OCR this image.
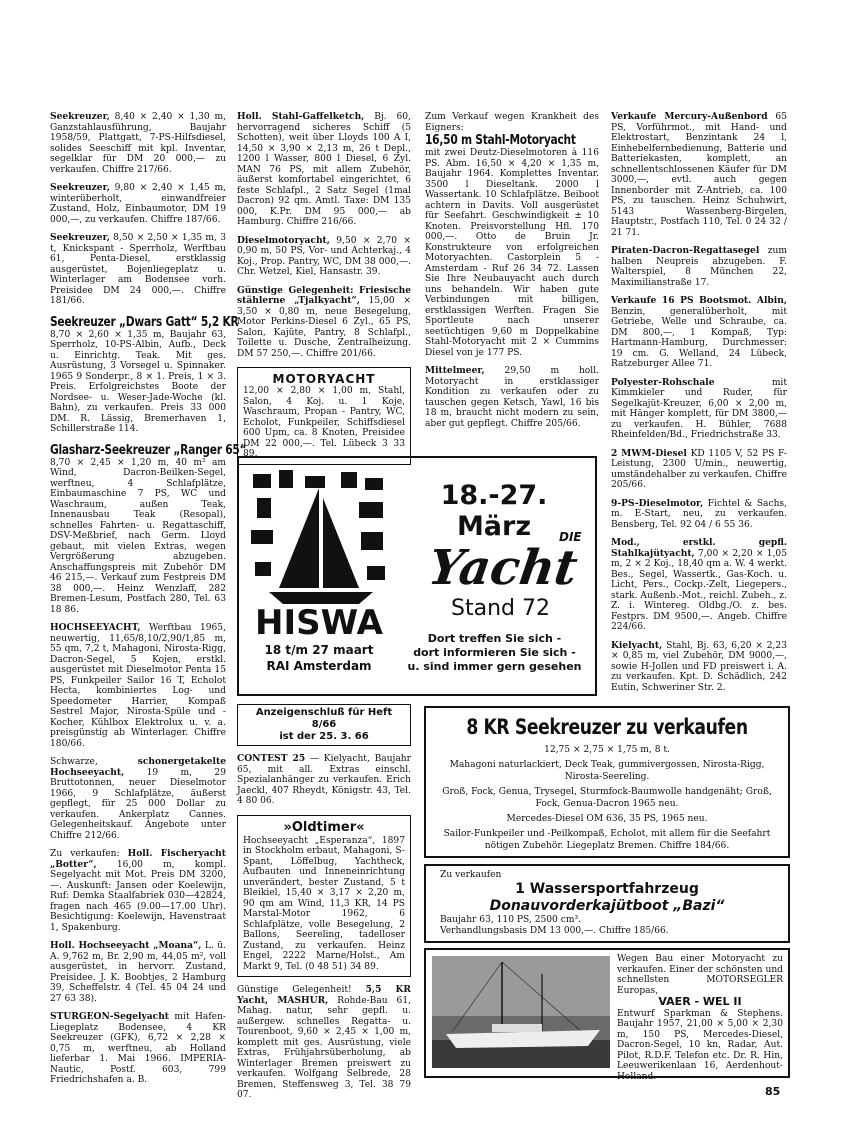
Seekreuzer, 8,40 × 2,40 × 1,30 m, Ganzstahlausführung, Baujahr 1958/59, Plattgatt, 7-PS-Hilfsdiesel, solides Seeschiff mit kpl. Inventar, segelklar für DM 20 000,— zu verkaufen. Chiffre 217/66.

Seekreuzer, 9,80 × 2,40 × 1,45 m, winterüberholt, einwandfreier Zustand, Holz, Einbaumotor, DM 19 000,—, zu verkaufen. Chiffre 187/66.

Seekreuzer, 8,50 × 2,50 × 1,35 m, 3 t, Knickspant - Sperrholz, Werftbau 61, Penta-Diesel, erstklassig ausgerüstet, Bojenliegeplatz u. Winterlager am Bodensee vorh. Preisidee DM 24 000,—. Chiffre 181/66.

Seekreuzer „Dwars Gatt“ 5,2 KR
8,70 × 2,60 × 1,35 m, Baujahr 63, Sperrholz, 10-PS-Albin, Aufb., Deck u. Einrichtg. Teak. Mit ges. Ausrüstung, 3 Vorsegel u. Spinnaker. 1965 9 Sonderpr., 8 × 1. Preis, 1 × 3. Preis. Erfolgreichstes Boote der Nordsee- u. Weser-Jade-Woche (kl. Bahn), zu verkaufen. Preis 33 000 DM. R. Lässig, Bremerhaven 1, Schillerstraße 114.

Glasharz-Seekreuzer „Ranger 65“
8,70 × 2,45 × 1,20 m, 40 m² am Wind, Dacron-Beilken-Segel, werftneu, 4 Schlafplätze, Einbaumaschine 7 PS, WC und Waschraum, außen Teak, Innenausbau Teak (Resopal), schnelles Fahrten- u. Regattaschiff, DSV-Meßbrief, nach Germ. Lloyd gebaut, mit vielen Extras, wegen Vergrößerung abzugeben. Anschaffungspreis mit Zubehör DM 46 215,—. Verkauf zum Festpreis DM 38 000,—. Heinz Wenzlaff, 282 Bremen-Lesum, Postfach 280, Tel. 63 18 86.

HOCHSEEYACHT, Werftbau 1965, neuwertig, 11,65/8,10/2,90/1,85 m, 55 qm, 7,2 t, Mahagoni, Nirosta-Rigg, Dacron-Segel, 5 Kojen, erstkl. ausgerüstet mit Dieselmotor Penta 15 PS, Funkpeiler Sailor 16 T, Echolot Hecta, kombiniertes Log- und Speedometer Harrier, Kompaß Sestrel Major, Nirosta-Spüle und -Kocher, Kühlbox Elektrolux u. v. a. preisgünstig ab Winterlager. Chiffre 180/66.

Schwarze,	schonergetakelte Hochseeyacht, 19 m, 29 Bruttotonnen, neuer Dieselmotor 1966, 9 Schlafplätze, äußerst gepflegt, für 25 000 Dollar zu verkaufen. Ankerplatz Cannes. Gelegenheitskauf. Angebote unter Chiffre 212/66.

Zu verkaufen: Holl. Fischeryacht „Botter“, 16,00 m, kompl. Segelyacht mit Mot. Preis DM 3200,—. Auskunft: Jansen oder Koelewijn, Ruf: Demka Staalfabriek 030—42824, fragen nach 465 (9.00—17.00 Uhr). Besichtigung: Koelewijn, Havenstraat 1, Spakenburg.

Holl. Hochseeyacht „Moana“, L. ü. A. 9,762 m, Br. 2,90 m, 44,05 m², voll ausgerüstet, in hervorr. Zustand, Preisidee. J. K. Boobtjes, 2 Hamburg 39, Scheffelstr. 4 (Tel. 45 04 24 und 27 63 38).

STURGEON-Segelyacht mit Hafen-Liegeplatz Bodensee, 4 KR Seekreuzer (GFK), 6,72 × 2,28 × 0,75 m, werftneu, ab Holland lieferbar 1. Mai 1966. IMPERIA-Nautic, Postf. 603, 799 Friedrichshafen a. B.

Holl. Stahl-Gaffelketch, Bj. 60, hervorragend sicheres Schiff (5 Schotten), weit über Lloyds 100 A I, 14,50 × 3,90 × 2,13 m, 26 t Depl., 1200 l Wasser, 800 l Diesel, 6 Zyl. MAN 76 PS, mit allem Zubehör, äußerst komfortabel eingerichtet, 6 feste Schlafpl., 2 Satz Segel (1mal Dacron) 92 qm. Amtl. Taxe: DM 135 000, K.Pr. DM 95 000,— ab Hamburg. Chiffre 216/66.

Dieselmotoryacht, 9,50 × 2,70 × 0,90 m, 50 PS, Vor- und Achterkaj., 4 Koj., Prop. Pantry, WC, DM 38 000,—. Chr. Wetzel, Kiel, Hansastr. 39.

Günstige Gelegenheit: Friesische stählerne „Tjalkyacht“, 15,00 × 3,50 × 0,80 m, neue Besegelung, Motor Perkins-Diesel 6 Zyl., 65 PS, Salon, Kajüte, Pantry, 8 Schlafpl., Toilette u. Dusche, Zentralheizung. DM 57 250,—. Chiffre 201/66.

MOTORYACHT

12,00 × 2,80 × 1,00 m, Stahl, Salon, 4 Koj. u. 1 Koje, Waschraum, Propan - Pantry, WC, Echolot, Funkpeiler, Schiffsdiesel 600 Upm, ca. 8 Knoten, Preisidee DM 22 000,—. Tel. Lübeck 3 33 89.

Anzeigenschluß für Heft 8/66
ist der 25. 3. 66

CONTEST 25 — Kielyacht, Baujahr 65, mit all. Extras einschl. Spezialanhänger zu verkaufen. Erich Jaeckl, 407 Rheydt, Königstr. 43, Tel. 4 80 06.

»Oldtimer«

Hochseeyacht „Esperanza“, 1897 in Stockholm erbaut, Mahagoni, S-Spant, Löffelbug, Yachtheck, Aufbauten und Inneneinrichtung unverändert, bester Zustand, 5 t Bleikiel, 15,40 × 3,17 × 2,20 m, 90 qm am Wind, 11,3 KR, 14 PS Marstal-Motor 1962, 6 Schlafplätze, volle Besegelung, 2 Ballons, Seereling, tadelloser Zustand, zu verkaufen. Heinz Engel, 2222 Marne/Holst., Am Markt 9, Tel. (0 48 51) 34 89.

Günstige Gelegenheit! 5,5 KR Yacht, MASHUR, Rohde-Bau 61, Mahag. natur, sehr gepfl. u. außergew. schnelles Regatta- u. Tourenboot, 9,60 × 2,45 × 1,00 m, komplett mit ges. Ausrüstung, viele Extras, Frühjahrsüberholung, ab Winterlager Bremen preiswert zu verkaufen. Wolfgang Selbrede, 28 Bremen, Steffensweg 3, Tel. 38 79 07.

Zum Verkauf wegen Krankheit des Eigners:
16,50 m Stahl-Motoryacht
mit zwei Deutz-Dieselmotoren à 116 PS. Abm. 16,50 × 4,20 × 1,35 m, Baujahr 1964. Komplettes Inventar. 3500 l Dieseltank. 2000 l Wassertank. 10 Schlafplätze. Beiboot achtern in Davits. Voll ausgerüstet für Seefahrt. Geschwindigkeit ± 10 Knoten. Preisvorstellung Hfl. 170 000,—. Otto de Bruin Jr. Konstrukteure von erfolgreichen Motoryachten. Castorplein 5 - Amsterdam - Ruf 26 34 72. Lassen Sie Ihre Neubauyacht auch durch uns behandeln. Wir haben gute Verbindungen mit billigen, erstklassigen Werften. Fragen Sie Sportleute nach unserer seetüchtigen 9,60 m Doppelkabine Stahl-Motoryacht mit 2 × Cummins Diesel von je 177 PS.

Mittelmeer, 29,50 m holl. Motoryacht in erstklassiger Kondition zu verkaufen oder zu tauschen gegen Ketsch, Yawl, 16 bis 18 m, braucht nicht modern zu sein, aber gut gepflegt. Chiffre 205/66.

Verkaufe Mercury-Außenbord 65 PS, Vorführmot., mit Hand- und Elektrostart, Benzintank 24 l, Einhebelfernbedienung, Batterie und Batteriekasten, komplett, an schnellentschlossenen Käufer für DM 3000,—, evtl. auch gegen Innenborder mit Z-Antrieb, ca. 100 PS, zu tauschen. Heinz Schuhwirt, 5143 Wassenberg-Birgelen, Hauptstr., Postfach 110, Tel. 0 24 32 / 21 71.

Piraten-Dacron-Regattasegel zum halben Neupreis abzugeben. F. Walterspiel, 8 München 22, Maximilianstraße 17.

Verkaufe 16 PS Bootsmot. Albin, Benzin, generalüberholt, mit Getriebe, Welle und Schraube, ca. DM 800,—, 1 Kompaß, Typ: Hartmann-Hamburg, Durchmesser: 19 cm. G. Welland, 24 Lübeck, Ratzeburger Allee 71.

Polyester-Rohschale	mit Kimmkieler und Ruder, für Segelkajüt-Kreuzer, 6,00 × 2,00 m, mit Hänger komplett, für DM 3800,— zu verkaufen. H. Bühler, 7688 Rheinfelden/Bd., Friedrichstraße 33.

2 MWM-Diesel KD 1105 V, 52 PS F-Leistung, 2300 U/min., neuwertig, umständehalber zu verkaufen. Chiffre 205/66.

9-PS-Dieselmotor, Fichtel & Sachs, m. E-Start, neu, zu verkaufen. Bensberg, Tel. 92 04 / 6 55 36.

Mod., erstkl. gepfl. Stahlkajütyacht, 7,00 × 2,20 × 1,05 m, 2 × 2 Koj., 18,40 qm a. W. 4 werkt. Bes., Segel, Wassertk., Gas-Koch. u. Licht, Pers., Cockp.-Zelt, Liegepers., stark. Außenb.-Mot., reichl. Zubeh., z. Z. i. Wintereg. Oldbg./O. z. bes. Festprs. DM 9500,—. Angeb. Chiffre 224/66.

Kielyacht, Stahl, Bj. 63, 6,20 × 2,23 × 0,85 m, viel Zubehör, DM 9000,—, sowie H-Jollen und FD preiswert i. A. zu verkaufen. Kpt. D. Schädlich, 242 Eutin, Schweriner Str. 2.

HISWA
18 t/m 27 maart
RAI Amsterdam
18.-27. März	DIE
Yacht
Stand 72
Dort treffen Sie sich -
dort informieren Sie sich -
u. sind immer gern gesehen
8 KR Seekreuzer zu verkaufen

12,75 × 2,75 × 1,75 m, 8 t.

Mahagoni naturlackiert, Deck Teak, gummivergossen, Nirosta-Rigg, Nirosta-Seereling.

Groß, Fock, Genua, Trysegel, Sturmfock-Baumwolle handgenäht; Groß, Fock, Genua-Dacron 1965 neu.

Mercedes-Diesel OM 636, 35 PS, 1965 neu.

Sailor-Funkpeiler und -Peilkompaß, Echolot, mit allem für die Seefahrt nötigen Zubehör. Liegeplatz Bremen. Chiffre 184/66.

Zu verkaufen
1 Wassersportfahrzeug
Donauvorderkajütboot „Bazi“
Baujahr 63, 110 PS, 2500 cm³.
Verhandlungsbasis DM 13 000,—. Chiffre 185/66.

Wegen Bau einer Motoryacht zu verkaufen. Einer der schönsten und schnellsten MOTORSEGLER Europas,

VAER - WEL II

Entwurf Sparkman & Stephens. Baujahr 1957, 21,00 × 5,00 × 2,30 m, 150 PS, Mercedes-Diesel, Dacron-Segel, 10 kn, Radar, Aut. Pilot, R.D.F. Telefon etc. Dr. R. Hin, Leeuwerikenlaan 16, Aerdenhout-Holland.

85
